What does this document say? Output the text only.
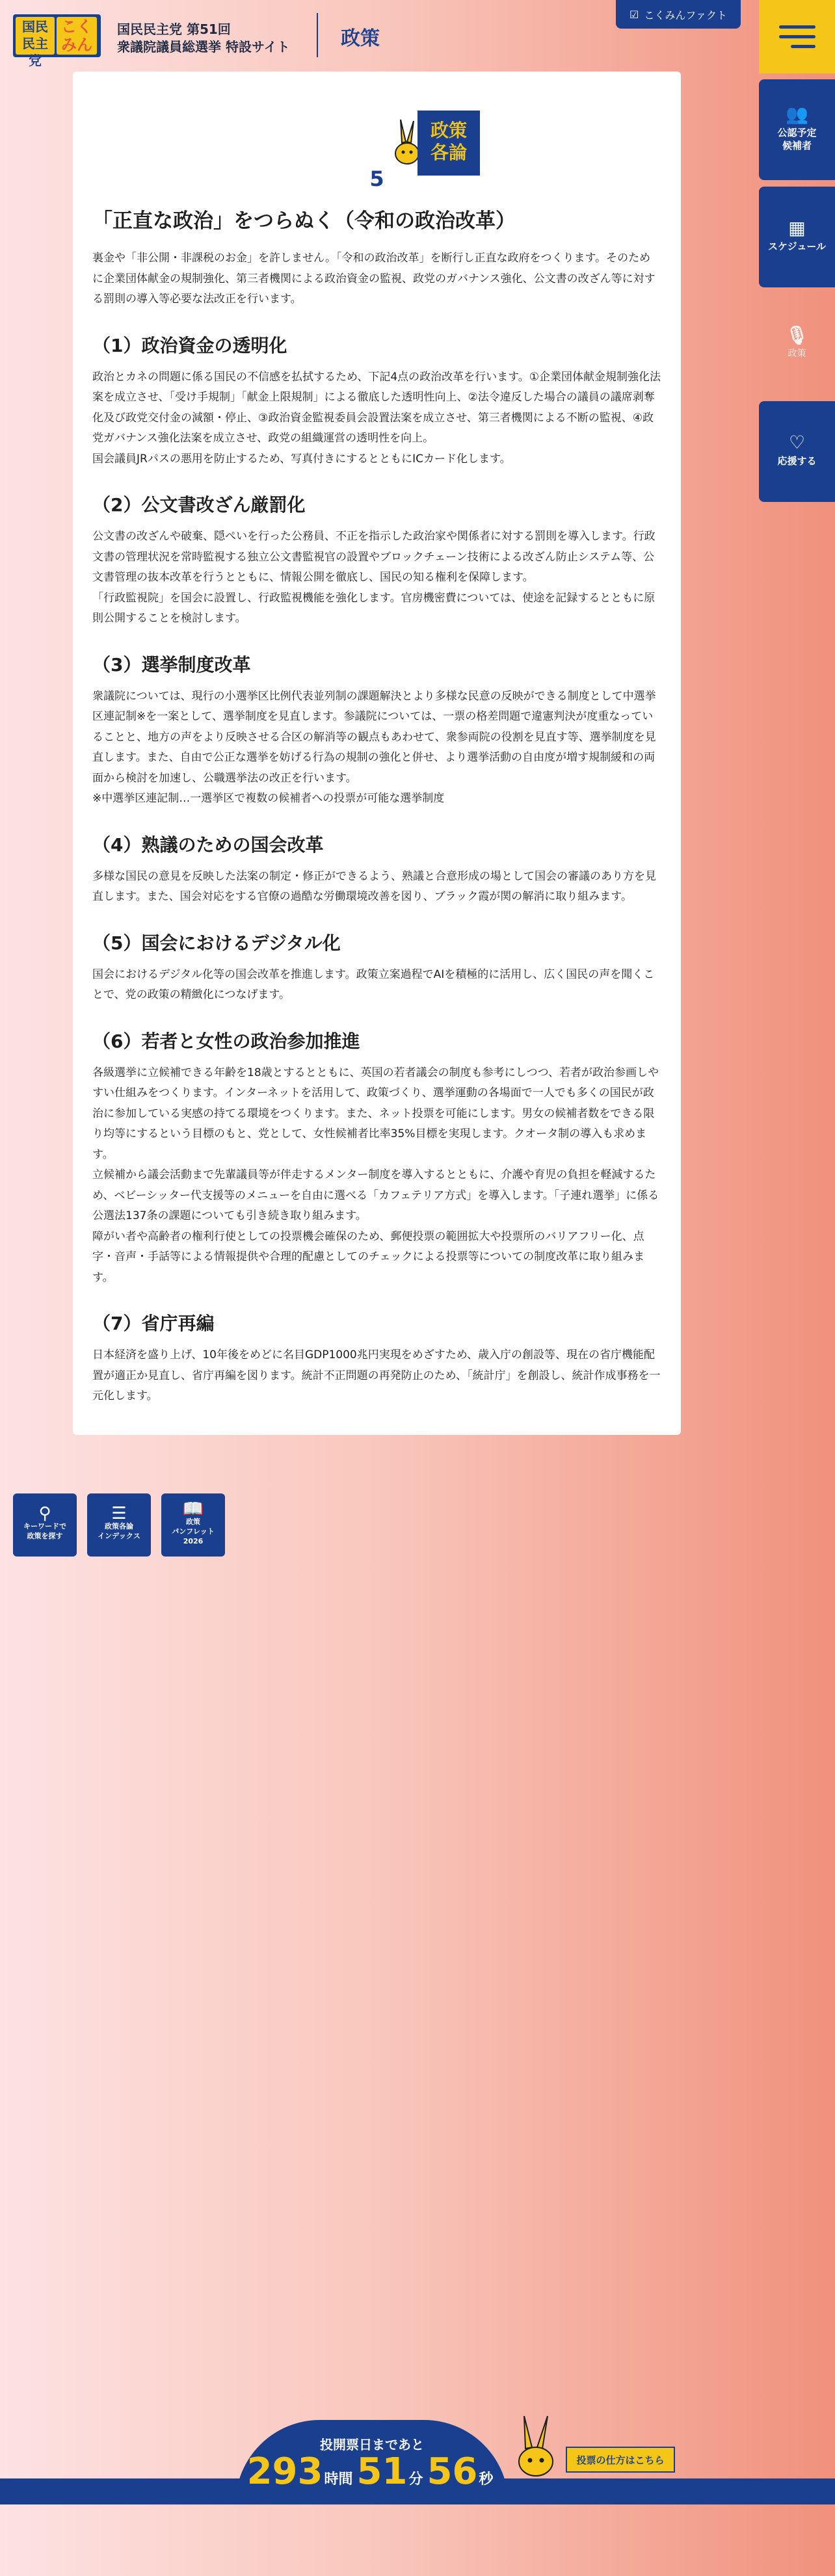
国民民主党
こくみん
国民民主党 第51回
衆議院議員総選挙 特設サイト	政策
☑ こくみんファクト
👥
公認予定
候補者
▦
スケジュール
🎙
政策
♡
応援する
政策
各論
5
「正直な政治」をつらぬく（令和の政治改革）

裏金や「非公開・非課税のお金」を許しません。「令和の政治改革」を断行し正直な政府をつくります。そのために企業団体献金の規制強化、第三者機関による政治資金の監視、政党のガバナンス強化、公文書の改ざん等に対する罰則の導入等必要な法改正を行います。

（1）政治資金の透明化

政治とカネの問題に係る国民の不信感を払拭するため、下記4点の政治改革を行います。①企業団体献金規制強化法案を成立させ、「受け手規制」「献金上限規制」による徹底した透明性向上、②法令違反した場合の議員の議席剥奪化及び政党交付金の減額・停止、③政治資金監視委員会設置法案を成立させ、第三者機関による不断の監視、④政党ガバナンス強化法案を成立させ、政党の組織運営の透明性を向上。
国会議員JRパスの悪用を防止するため、写真付きにするとともにICカード化します。

（2）公文書改ざん厳罰化

公文書の改ざんや破棄、隠ぺいを行った公務員、不正を指示した政治家や関係者に対する罰則を導入します。行政文書の管理状況を常時監視する独立公文書監視官の設置やブロックチェーン技術による改ざん防止システム等、公文書管理の抜本改革を行うとともに、情報公開を徹底し、国民の知る権利を保障します。
「行政監視院」を国会に設置し、行政監視機能を強化します。官房機密費については、使途を記録するとともに原則公開することを検討します。

（3）選挙制度改革

衆議院については、現行の小選挙区比例代表並列制の課題解決とより多様な民意の反映ができる制度として中選挙区連記制※を一案として、選挙制度を見直します。参議院については、一票の格差問題で違憲判決が度重なっていることと、地方の声をより反映させる合区の解消等の観点もあわせて、衆参両院の役割を見直す等、選挙制度を見直します。また、自由で公正な選挙を妨げる行為の規制の強化と併せ、より選挙活動の自由度が増す規制緩和の両面から検討を加速し、公職選挙法の改正を行います。
※中選挙区連記制…一選挙区で複数の候補者への投票が可能な選挙制度

（4）熟議のための国会改革

多様な国民の意見を反映した法案の制定・修正ができるよう、熟議と合意形成の場として国会の審議のあり方を見直します。また、国会対応をする官僚の過酷な労働環境改善を図り、ブラック霞が関の解消に取り組みます。

（5）国会におけるデジタル化

国会におけるデジタル化等の国会改革を推進します。政策立案過程でAIを積極的に活用し、広く国民の声を聞くことで、党の政策の精緻化につなげます。

（6）若者と女性の政治参加推進

各級選挙に立候補できる年齢を18歳とするとともに、英国の若者議会の制度も参考にしつつ、若者が政治参画しやすい仕組みをつくります。インターネットを活用して、政策づくり、選挙運動の各場面で一人でも多くの国民が政治に参加している実感の持てる環境をつくります。また、ネット投票を可能にします。男女の候補者数をできる限り均等にするという目標のもと、党として、女性候補者比率35%目標を実現します。クオータ制の導入も求めます。
立候補から議会活動まで先輩議員等が伴走するメンター制度を導入するとともに、介護や育児の負担を軽減するため、ベビーシッター代支援等のメニューを自由に選べる「カフェテリア方式」を導入します。「子連れ選挙」に係る公選法137条の課題についても引き続き取り組みます。
障がい者や高齢者の権利行使としての投票機会確保のため、郵便投票の範囲拡大や投票所のバリアフリー化、点字・音声・手話等による情報提供や合理的配慮としてのチェックによる投票等についての制度改革に取り組みます。

（7）省庁再編

日本経済を盛り上げ、10年後をめどに名目GDP1000兆円実現をめざすため、歳入庁の創設等、現在の省庁機能配置が適正か見直し、省庁再編を図ります。統計不正問題の再発防止のため、「統計庁」を創設し、統計作成事務を一元化します。

⚲
キーワードで
政策を探す
☰
政策各論
インデックス
📖
政策
パンフレット
2026
投開票日まであと
293時間 51分 56秒
投票の仕方はこちら
